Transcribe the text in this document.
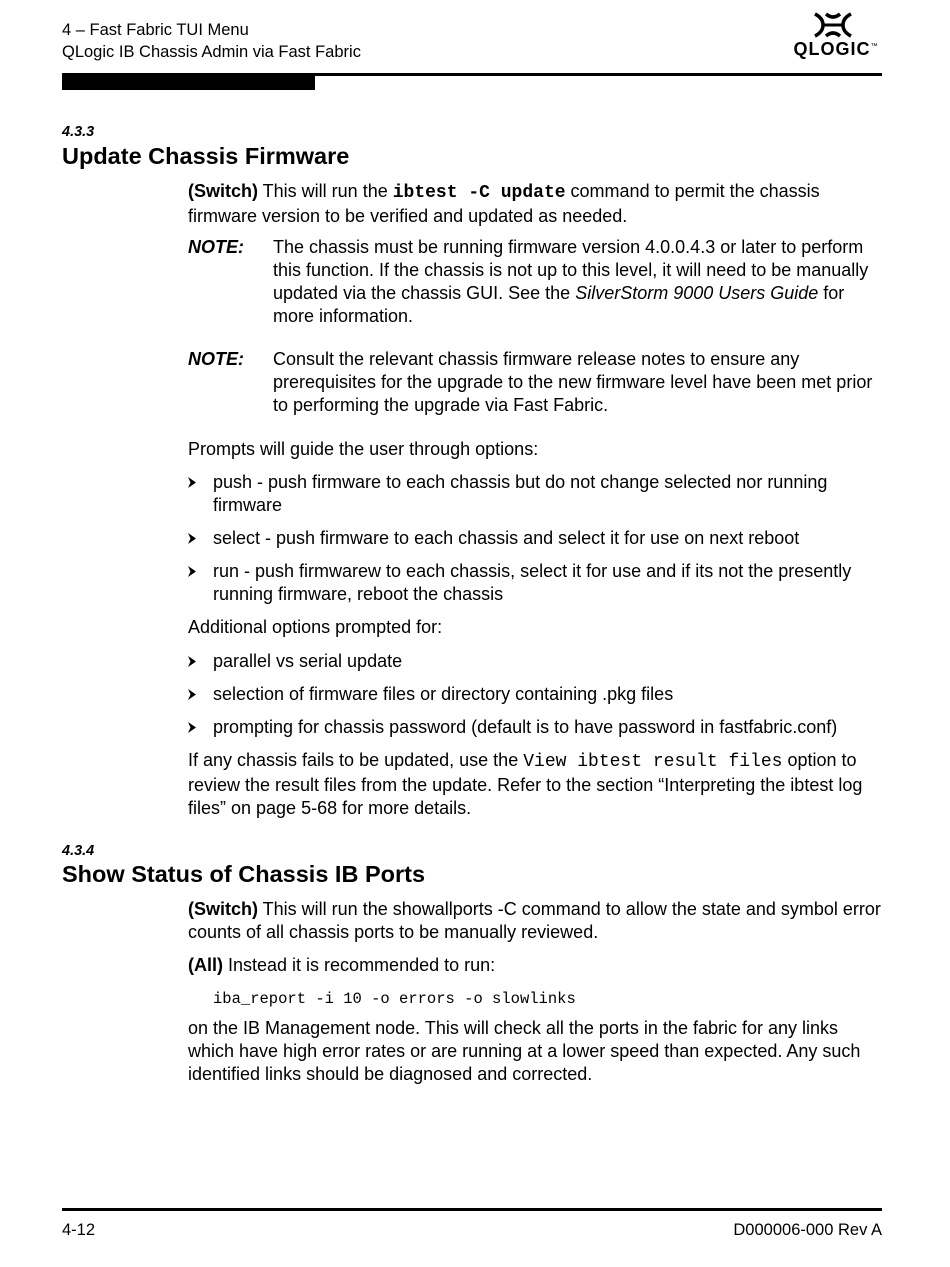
4 – Fast Fabric TUI Menu
QLogic IB Chassis Admin via Fast Fabric	QLOGIC™
4.3.3
Update Chassis Firmware

(Switch) This will run the ibtest -C update command to permit the chassis firmware version to be verified and updated as needed.

NOTE: The chassis must be running firmware version 4.0.0.4.3 or later to perform this function. If the chassis is not up to this level, it will need to be manually updated via the chassis GUI. See the SilverStorm 9000 Users Guide for more information.
NOTE: Consult the relevant chassis firmware release notes to ensure any prerequisites for the upgrade to the new firmware level have been met prior to performing the upgrade via Fast Fabric.
Prompts will guide the user through options:
push - push firmware to each chassis but do not change selected nor running firmware
select - push firmware to each chassis and select it for use on next reboot
run - push firmwarew to each chassis, select it for use and if its not the presently running firmware, reboot the chassis
Additional options prompted for:
parallel vs serial update
selection of firmware files or directory containing .pkg files
prompting for chassis password (default is to have password in fastfabric.conf)

If any chassis fails to be updated, use the View ibtest result files option to review the result files from the update. Refer to the section “Interpreting the ibtest log files” on page 5-68 for more details.

4.3.4
Show Status of Chassis IB Ports

(Switch) This will run the showallports -C command to allow the state and symbol error counts of all chassis ports to be manually reviewed.

(All) Instead it is recommended to run:

iba_report -i 10 -o errors -o slowlinks
on the IB Management node. This will check all the ports in the fabric for any links which have high error rates or are running at a lower speed than expected. Any such identified links should be diagnosed and corrected.
4-12	D000006-000 Rev A
